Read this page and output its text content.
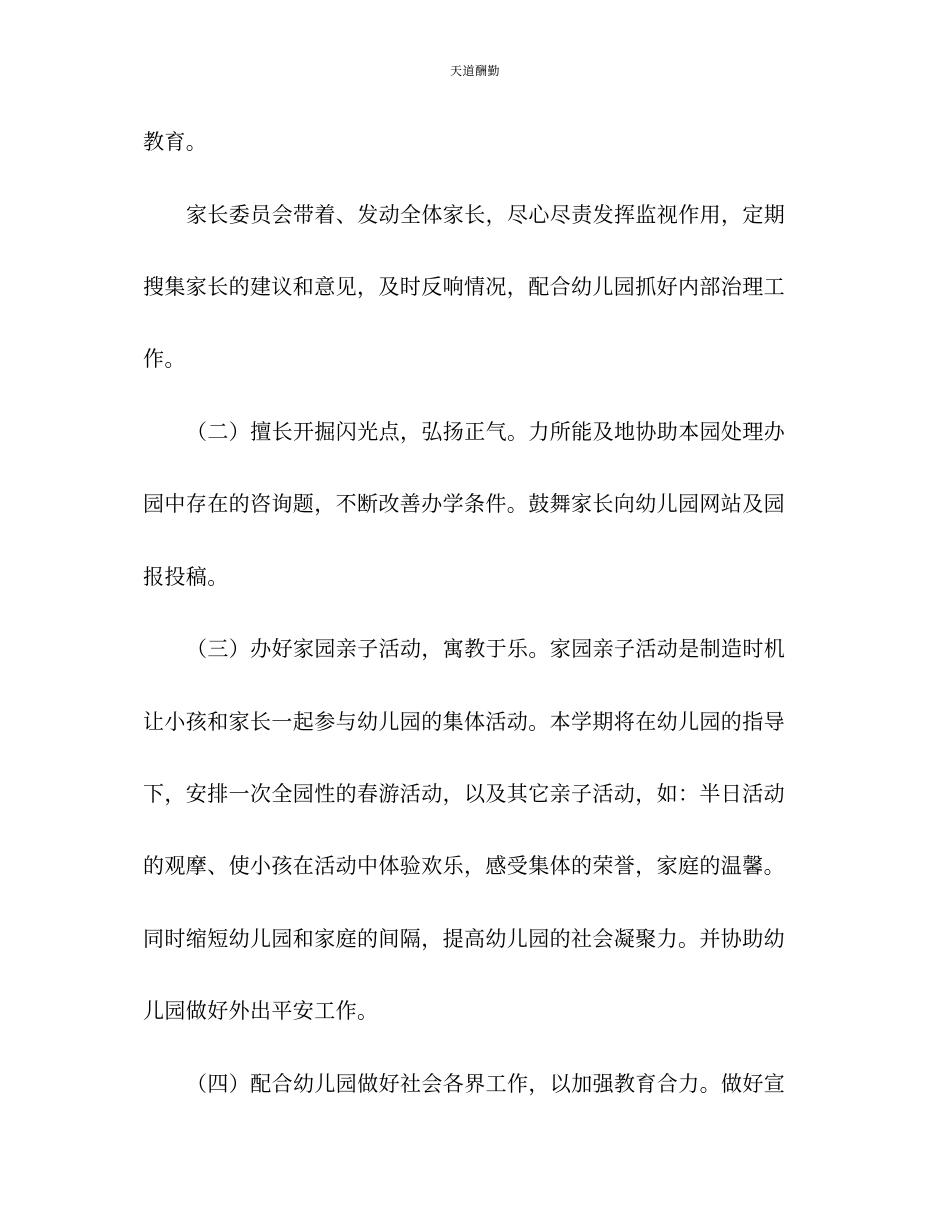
天道酬勤
教育。
家长委员会带着、发动全体家长，尽心尽责发挥监视作用，定期
搜集家长的建议和意见，及时反响情况，配合幼儿园抓好内部治理工
作。
（二）擅长开掘闪光点，弘扬正气。力所能及地协助本园处理办
园中存在的咨询题，不断改善办学条件。鼓舞家长向幼儿园网站及园
报投稿。
（三）办好家园亲子活动，寓教于乐。家园亲子活动是制造时机
让小孩和家长一起参与幼儿园的集体活动。本学期将在幼儿园的指导
下，安排一次全园性的春游活动，以及其它亲子活动，如：半日活动
的观摩、使小孩在活动中体验欢乐，感受集体的荣誉，家庭的温馨。
同时缩短幼儿园和家庭的间隔，提高幼儿园的社会凝聚力。并协助幼
儿园做好外出平安工作。
（四）配合幼儿园做好社会各界工作，以加强教育合力。做好宣
